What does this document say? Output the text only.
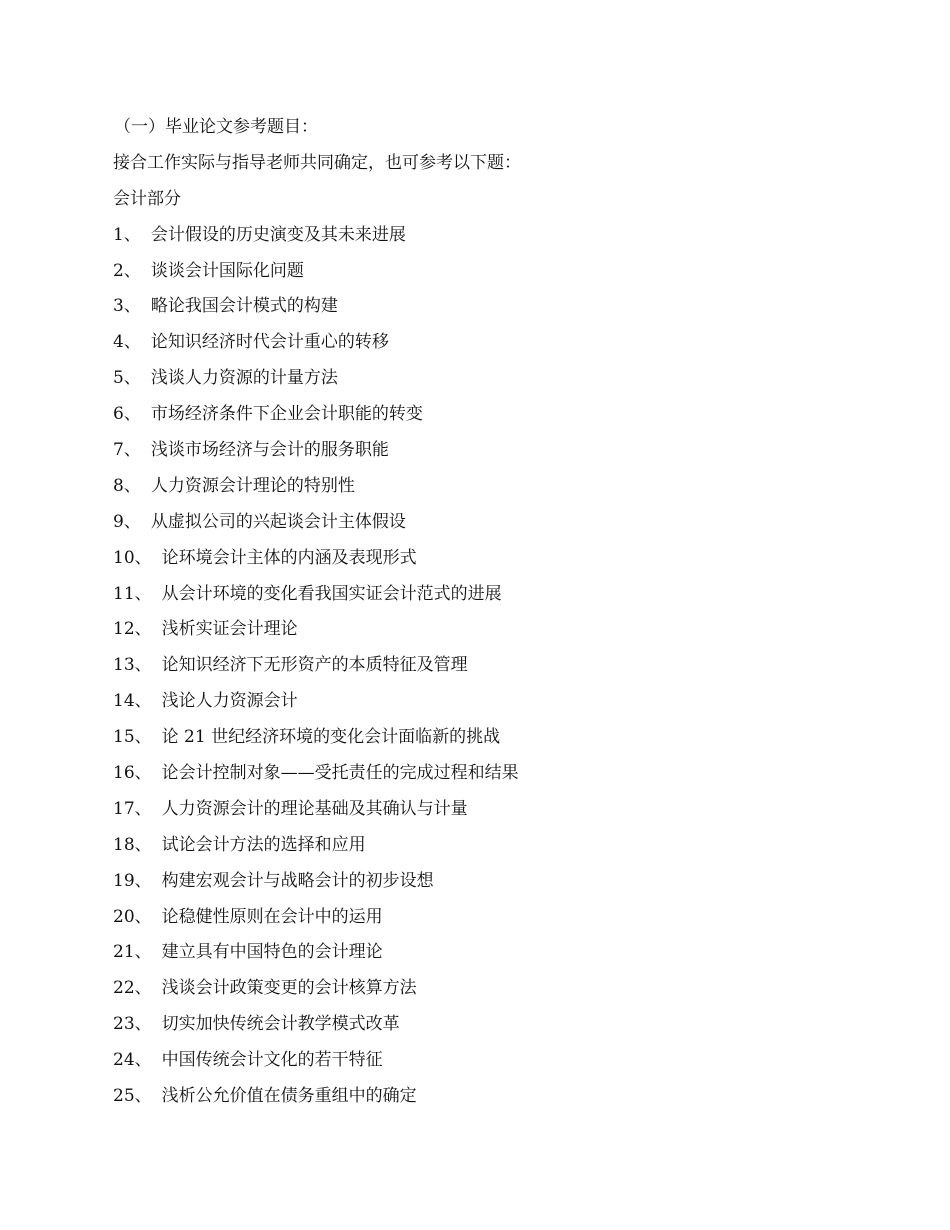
（一）毕业论文参考题目：
接合工作实际与指导老师共同确定，也可参考以下题：
会计部分
1、 会计假设的历史演变及其未来进展
2、 谈谈会计国际化问题
3、 略论我国会计模式的构建
4、 论知识经济时代会计重心的转移
5、 浅谈人力资源的计量方法
6、 市场经济条件下企业会计职能的转变
7、 浅谈市场经济与会计的服务职能
8、 人力资源会计理论的特别性
9、 从虚拟公司的兴起谈会计主体假设
10、 论环境会计主体的内涵及表现形式
11、 从会计环境的变化看我国实证会计范式的进展
12、 浅析实证会计理论
13、 论知识经济下无形资产的本质特征及管理
14、 浅论人力资源会计
15、 论 21 世纪经济环境的变化会计面临新的挑战
16、 论会计控制对象——受托责任的完成过程和结果
17、 人力资源会计的理论基础及其确认与计量
18、 试论会计方法的选择和应用
19、 构建宏观会计与战略会计的初步设想
20、 论稳健性原则在会计中的运用
21、 建立具有中国特色的会计理论
22、 浅谈会计政策变更的会计核算方法
23、 切实加快传统会计教学模式改革
24、 中国传统会计文化的若干特征
25、 浅析公允价值在债务重组中的确定
